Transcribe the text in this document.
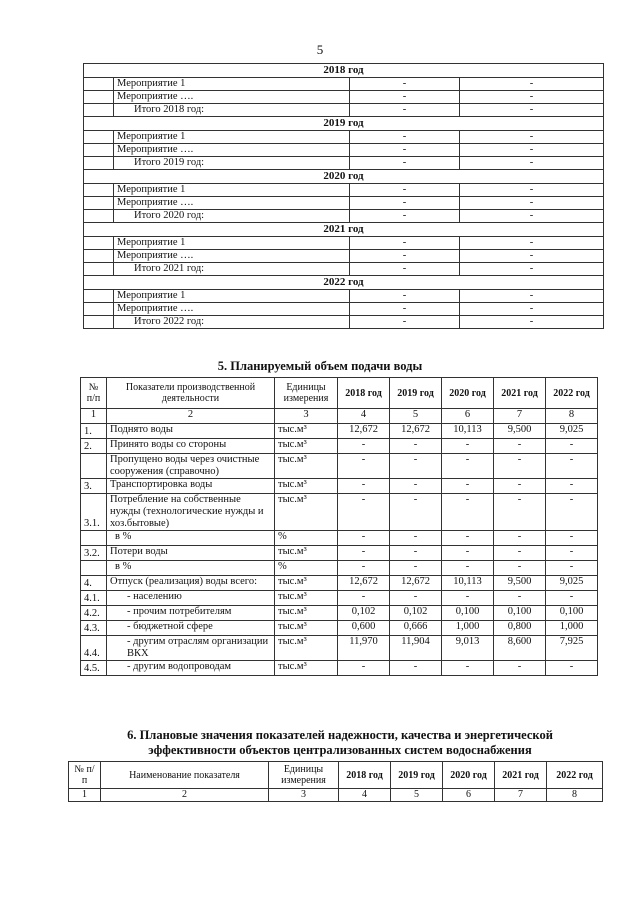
5
2018 год			
	Мероприятие 1	-	-
	Мероприятие ….	-	-
	Итого 2018 год:	-	-
2019 год			
	Мероприятие 1	-	-
	Мероприятие ….	-	-
	Итого 2019 год:	-	-
2020 год			
	Мероприятие 1	-	-
	Мероприятие ….	-	-
	Итого 2020 год:	-	-
2021 год			
	Мероприятие 1	-	-
	Мероприятие ….	-	-
	Итого 2021 год:	-	-
2022 год			
	Мероприятие 1	-	-
	Мероприятие ….	-	-
	Итого 2022 год:	-	-
5. Планируемый объем подачи воды
№ п/п	Показатели производственной деятельности	Единицы измерения	2018 год	2019 год	2020 год	2021 год	2022 год
1	2	3	4	5	6	7	8
1.	Поднято воды	тыс.м³	12,672	12,672	10,113	9,500	9,025
2.	Принято воды со стороны	тыс.м³	-	-	-	-	-
	Пропущено воды через очистные сооружения (справочно)	тыс.м³	-	-	-	-	-
3.	Транспортировка воды	тыс.м³	-	-	-	-	-
3.1.	Потребление на собственные нужды (технологические нужды и хоз.бытовые)	тыс.м³	-	-	-	-	-
	в %	%	-	-	-	-	-
3.2.	Потери воды	тыс.м³	-	-	-	-	-
	в %	%	-	-	-	-	-
4.	Отпуск (реализация) воды всего:	тыс.м³	12,672	12,672	10,113	9,500	9,025
4.1.	- населению	тыс.м³	-	-	-	-	-
4.2.	- прочим потребителям	тыс.м³	0,102	0,102	0,100	0,100	0,100
4.3.	- бюджетной сфере	тыс.м³	0,600	0,666	1,000	0,800	1,000
4.4.	- другим отраслям организации ВКХ	тыс.м³	11,970	11,904	9,013	8,600	7,925
4.5.	- другим водопроводам	тыс.м³	-	-	-	-	-
6. Плановые значения показателей надежности, качества и энергетической эффективности объектов централизованных систем водоснабжения
№ п/п	Наименование показателя	Единицы измерения	2018 год	2019 год	2020 год	2021 год	2022 год
1	2	3	4	5	6	7	8
